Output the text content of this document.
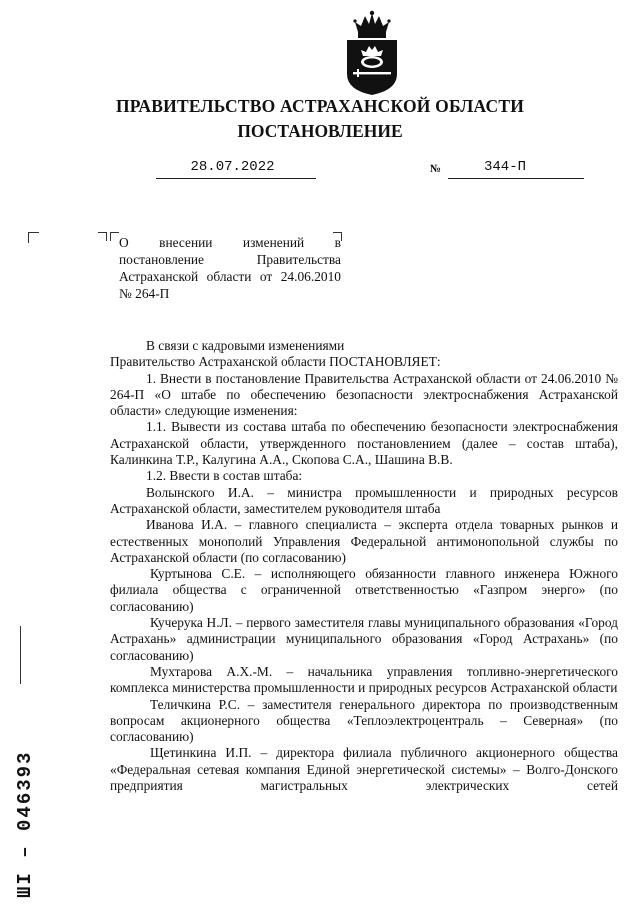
ПРАВИТЕЛЬСТВО АСТРАХАНСКОЙ ОБЛАСТИ
ПОСТАНОВЛЕНИЕ
28.07.2022	№	344-П
О внесении изменений в постановление Правительства Астраханской области от 24.06.2010 № 264-П

В связи с кадровыми изменениями

Правительство Астраханской области ПОСТАНОВЛЯЕТ:

1. Внести в постановление Правительства Астраханской области от 24.06.2010 № 264-П «О штабе по обеспечению безопасности электроснабжения Астраханской области» следующие изменения:

1.1. Вывести из состава штаба по обеспечению безопасности электроснабжения Астраханской области, утвержденного постановлением (далее – состав штаба), Калинкина Т.Р., Калугина А.А., Скопова С.А., Шашина В.В.

1.2. Ввести в состав штаба:

Волынского И.А. – министра промышленности и природных ресурсов Астраханской области, заместителем руководителя штаба

Иванова И.А. – главного специалиста – эксперта отдела товарных рынков и естественных монополий Управления Федеральной антимонопольной службы по Астраханской области (по согласованию)

Куртынова С.Е. – исполняющего обязанности главного инженера Южного филиала общества с ограниченной ответственностью «Газпром энерго» (по согласованию)

Кучерука Н.Л. – первого заместителя главы муниципального образования «Город Астрахань» администрации муниципального образования «Город Астрахань» (по согласованию)

Мухтарова А.Х.-М. – начальника управления топливно-энергетического комплекса министерства промышленности и природных ресурсов Астраханской области

Теличкина Р.С. – заместителя генерального директора по производственным вопросам акционерного общества «Теплоэлектроцентраль – Северная» (по согласованию)

Щетинкина И.П. – директора филиала публичного акционерного общества «Федеральная сетевая компания Единой энергетической системы» – Волго-Донского предприятия магистральных электрических сетей

ШI – 046393
